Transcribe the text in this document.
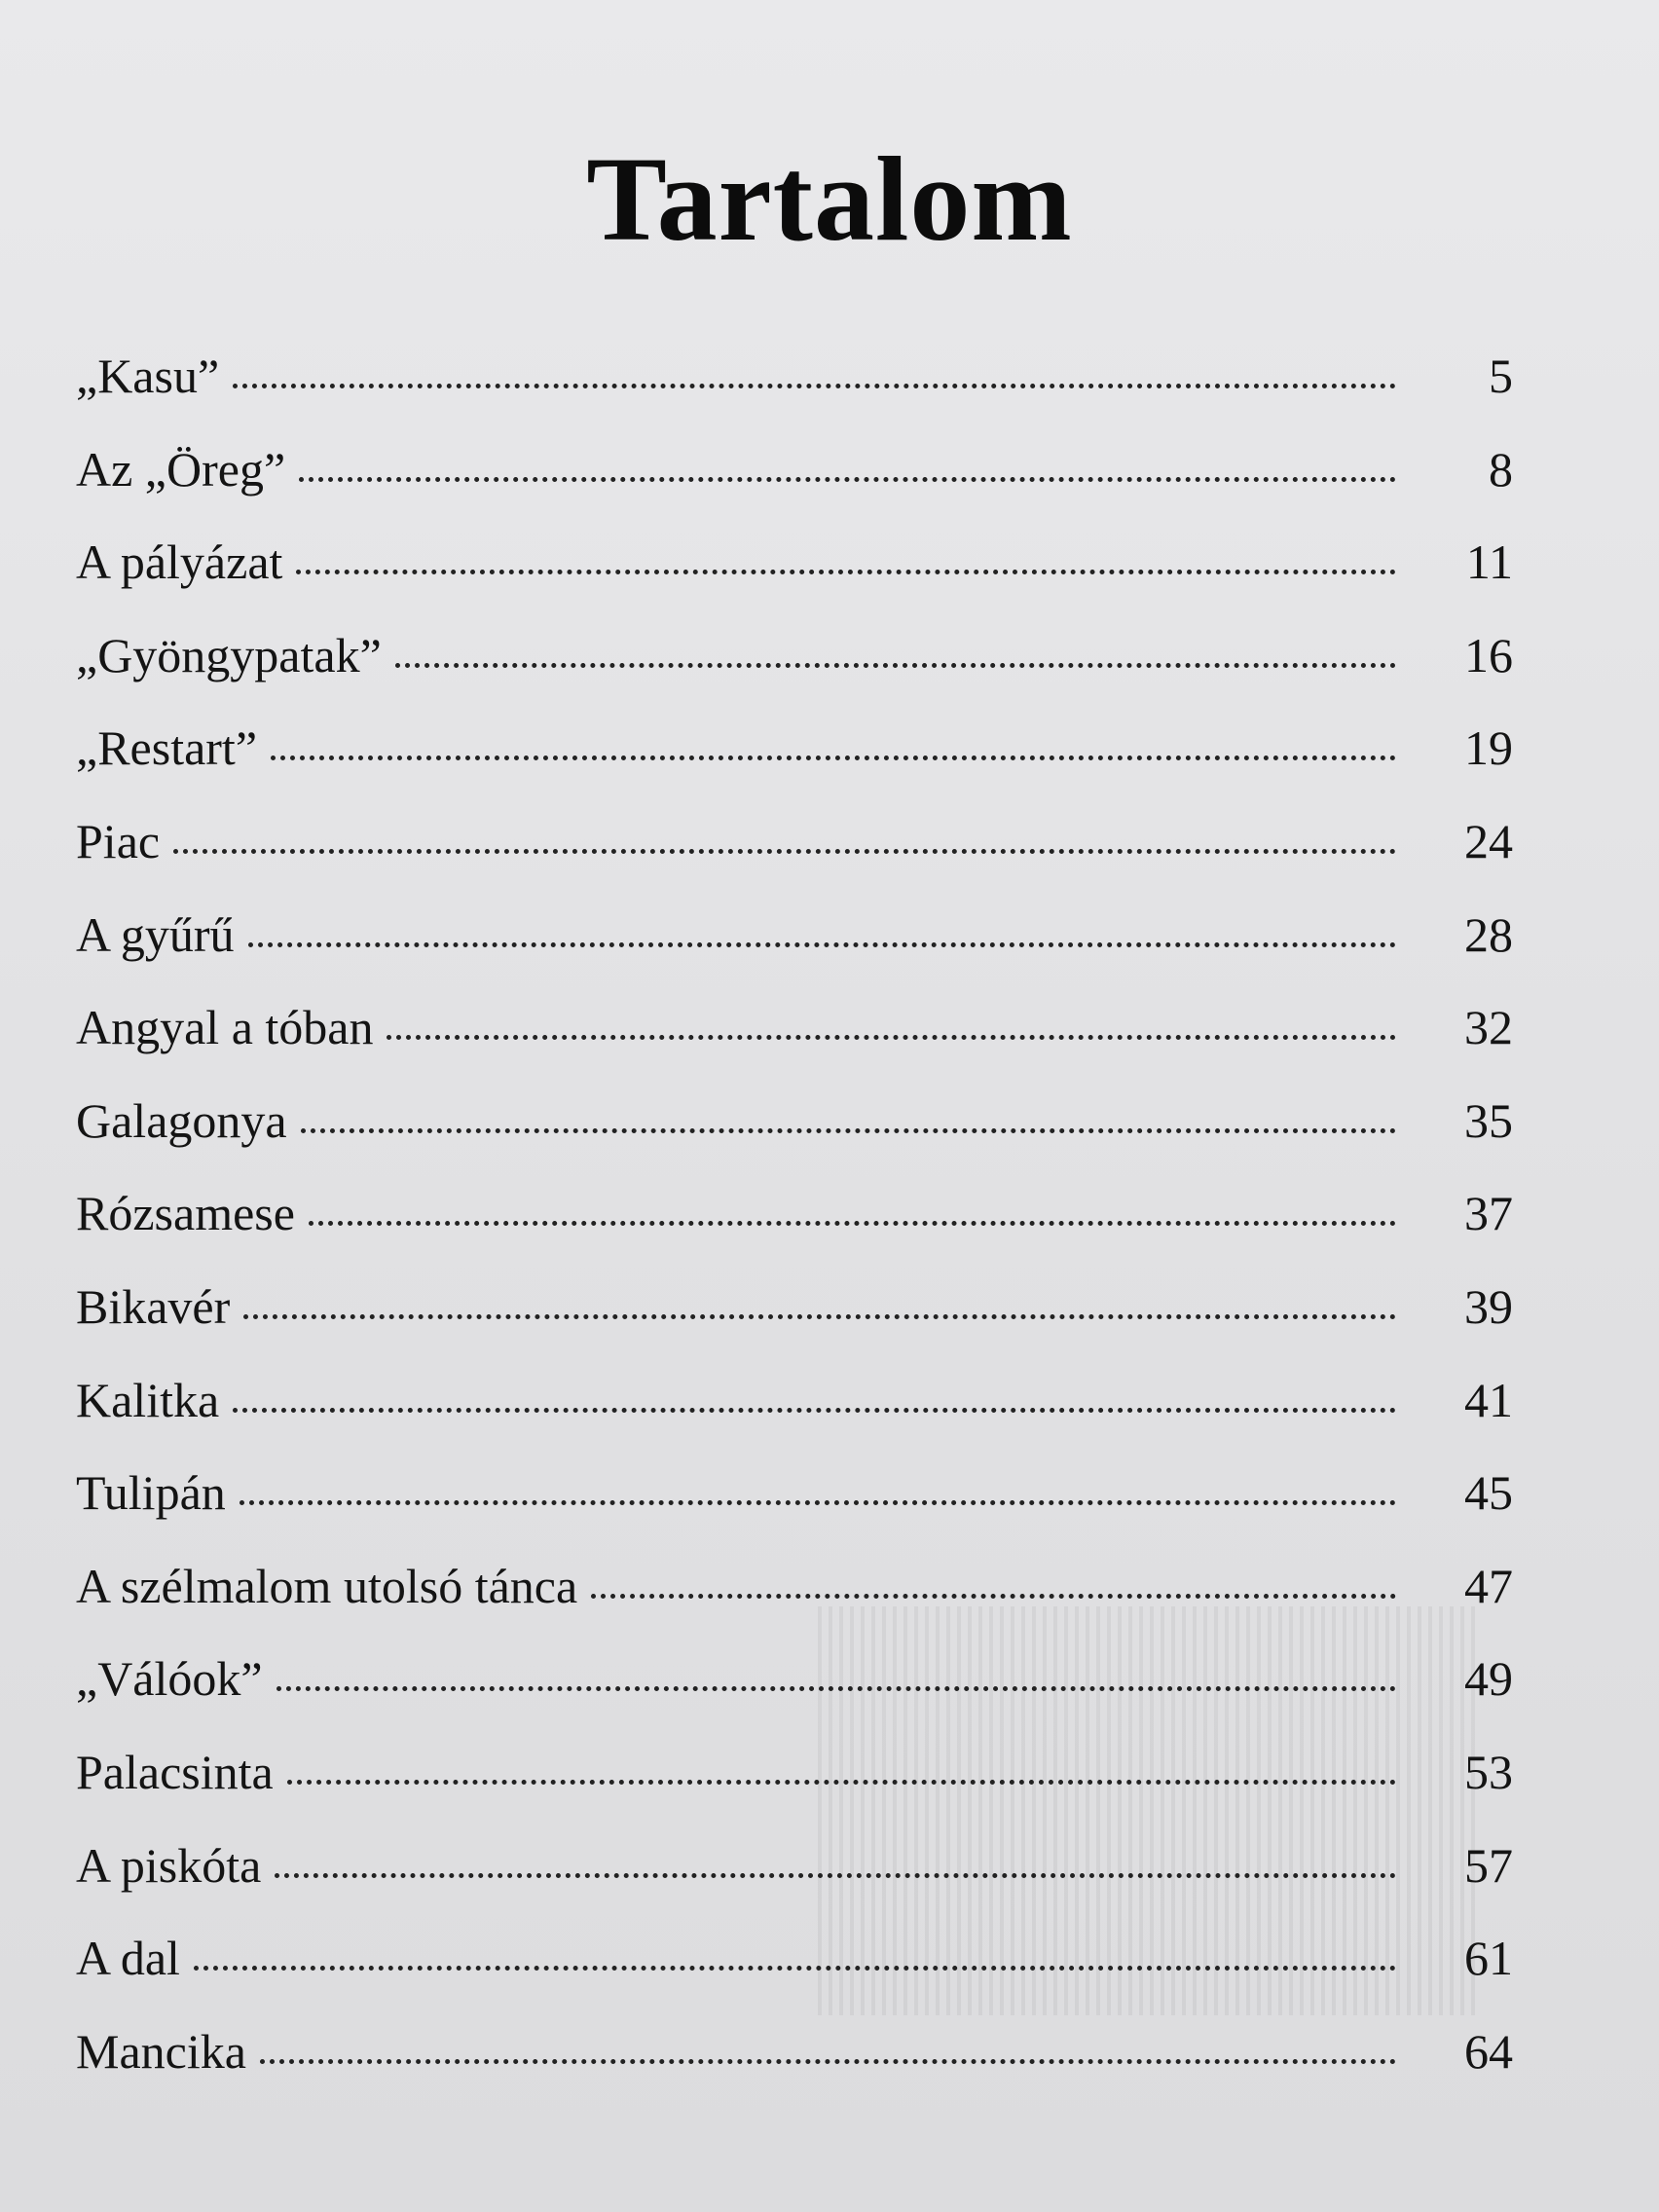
Tartalom
„Kasu”	5
Az „Öreg”	8
A pályázat	11
„Gyöngypatak”	16
„Restart”	19
Piac	24
A gyűrű	28
Angyal a tóban	32
Galagonya	35
Rózsamese	37
Bikavér	39
Kalitka	41
Tulipán	45
A szélmalom utolsó tánca	47
„Válóok”	49
Palacsinta	53
A piskóta	57
A dal	61
Mancika	64
